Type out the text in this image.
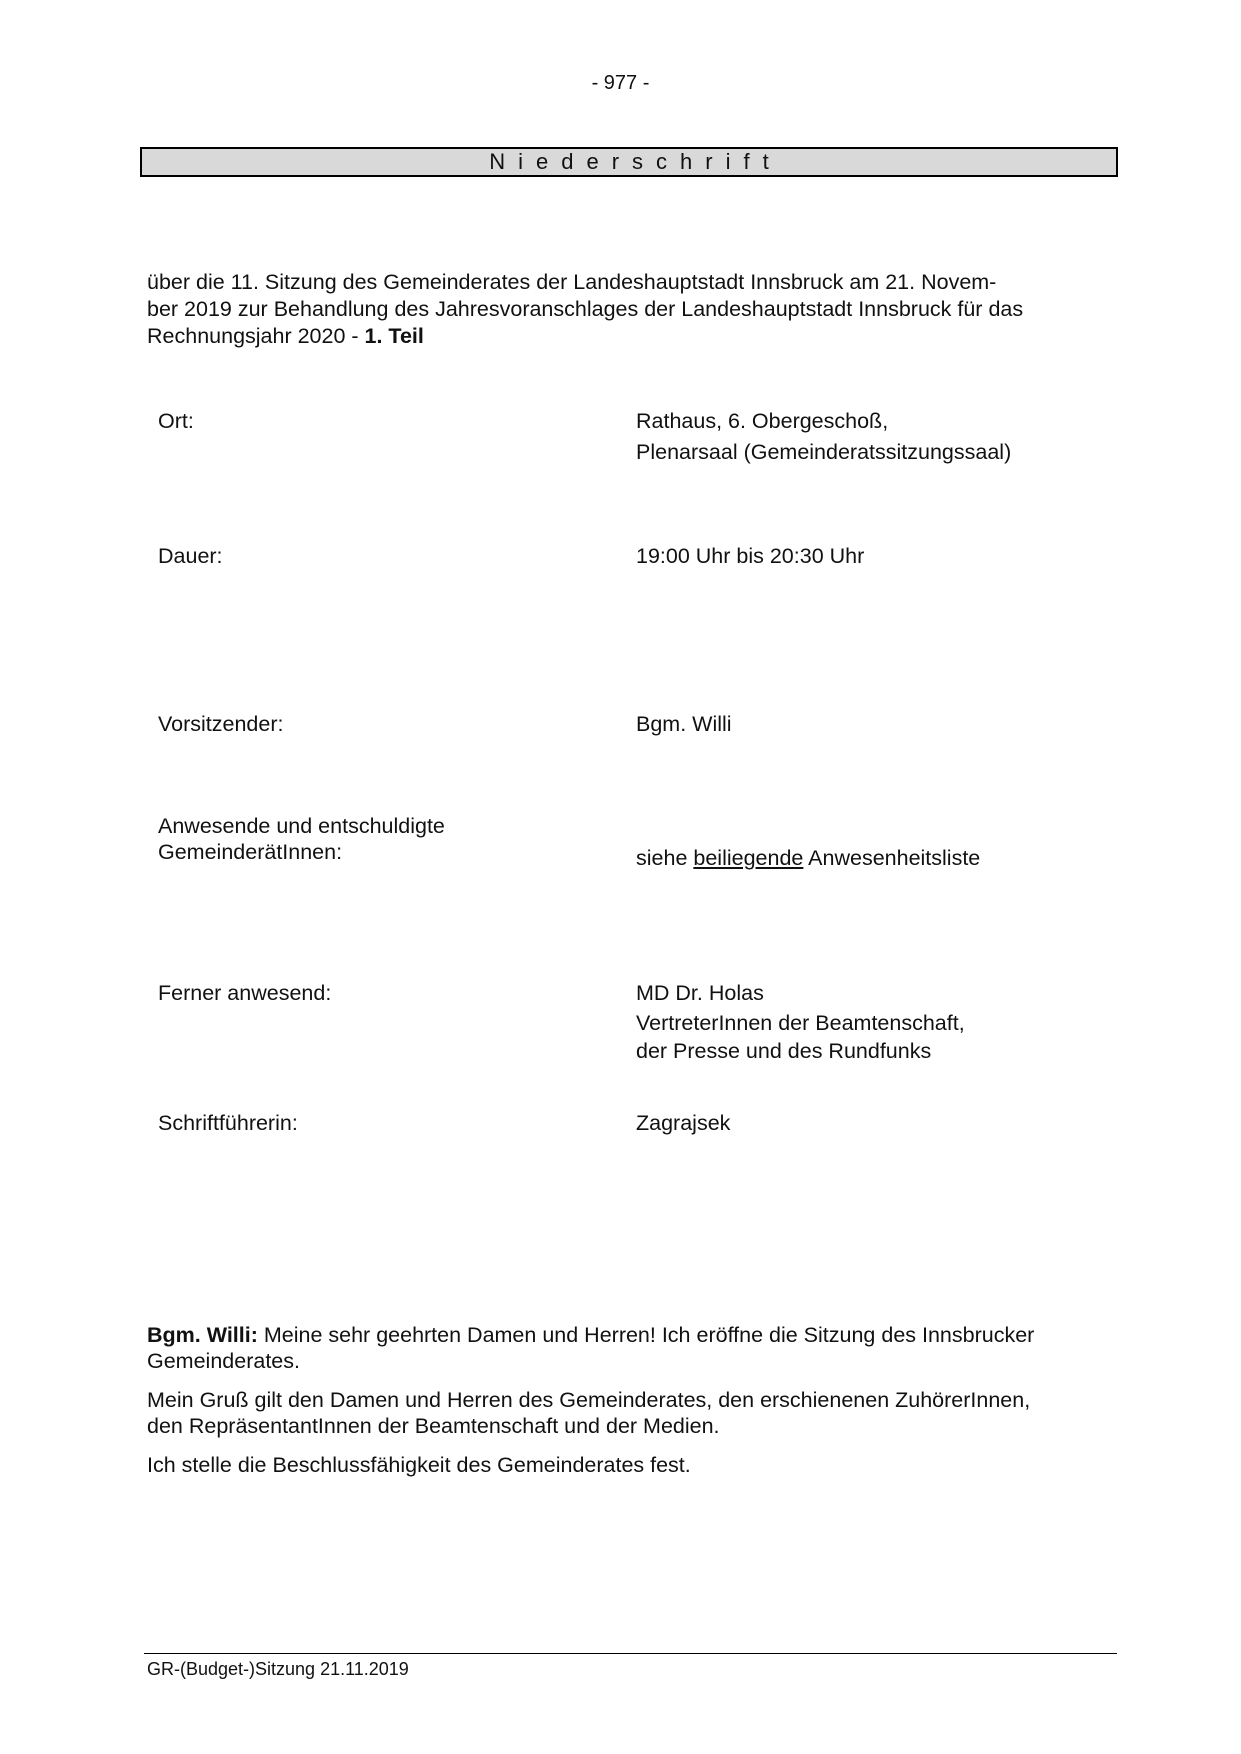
- 977 -
Niederschrift
über die 11. Sitzung des Gemeinderates der Landeshauptstadt Innsbruck am 21. Novem-
ber 2019 zur Behandlung des Jahresvoranschlages der Landeshauptstadt Innsbruck für das
Rechnungsjahr 2020 - 1. Teil
Ort:	Rathaus, 6. Obergeschoß,
Plenarsaal (Gemeinderatssitzungssaal)
Dauer:	19:00 Uhr bis 20:30 Uhr
Vorsitzender:	Bgm. Willi
Anwesende und entschuldigte
GemeinderätInnen:	siehe beiliegende Anwesenheitsliste
Ferner anwesend:	MD Dr. Holas
VertreterInnen der Beamtenschaft,
der Presse und des Rundfunks
Schriftführerin:	Zagrajsek
Bgm. Willi: Meine sehr geehrten Damen und Herren! Ich eröffne die Sitzung des Innsbrucker
Gemeinderates.
Mein Gruß gilt den Damen und Herren des Gemeinderates, den erschienenen ZuhörerInnen,
den RepräsentantInnen der Beamtenschaft und der Medien.
Ich stelle die Beschlussfähigkeit des Gemeinderates fest.
GR-(Budget-)Sitzung 21.11.2019
